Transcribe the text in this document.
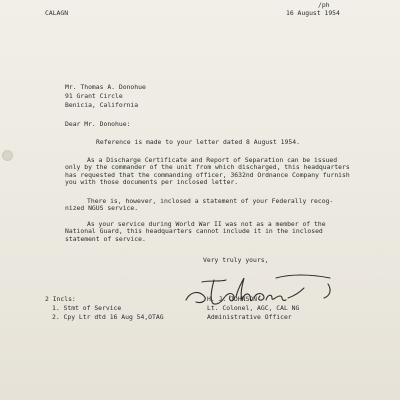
CALAGN
/ph
16 August 1954
Mr. Thomas A. Donohue
91 Grant Circle
Benicia, California
Dear Mr. Donohue:
Reference is made to your letter dated 8 August 1954.
As a Discharge Certificate and Report of Separation can be issued
only by the commander of the unit from which discharged, this headquarters
has requested that the commanding officer, 3632nd Ordnance Company furnish
you with those documents per inclosed letter.
There is, however, inclosed a statement of your Federally recog-
nized NGUS service.
As your service during World War II was not as a member of the
National Guard, this headquarters cannot include it in the inclosed
statement of service.
Very truly yours,
H. J. JOHNSON
Lt. Colonel, AGC, CAL NG
Administrative Officer
2 Incls:
1. Stmt of Service
2. Cpy Ltr dtd 16 Aug 54,OTAG
